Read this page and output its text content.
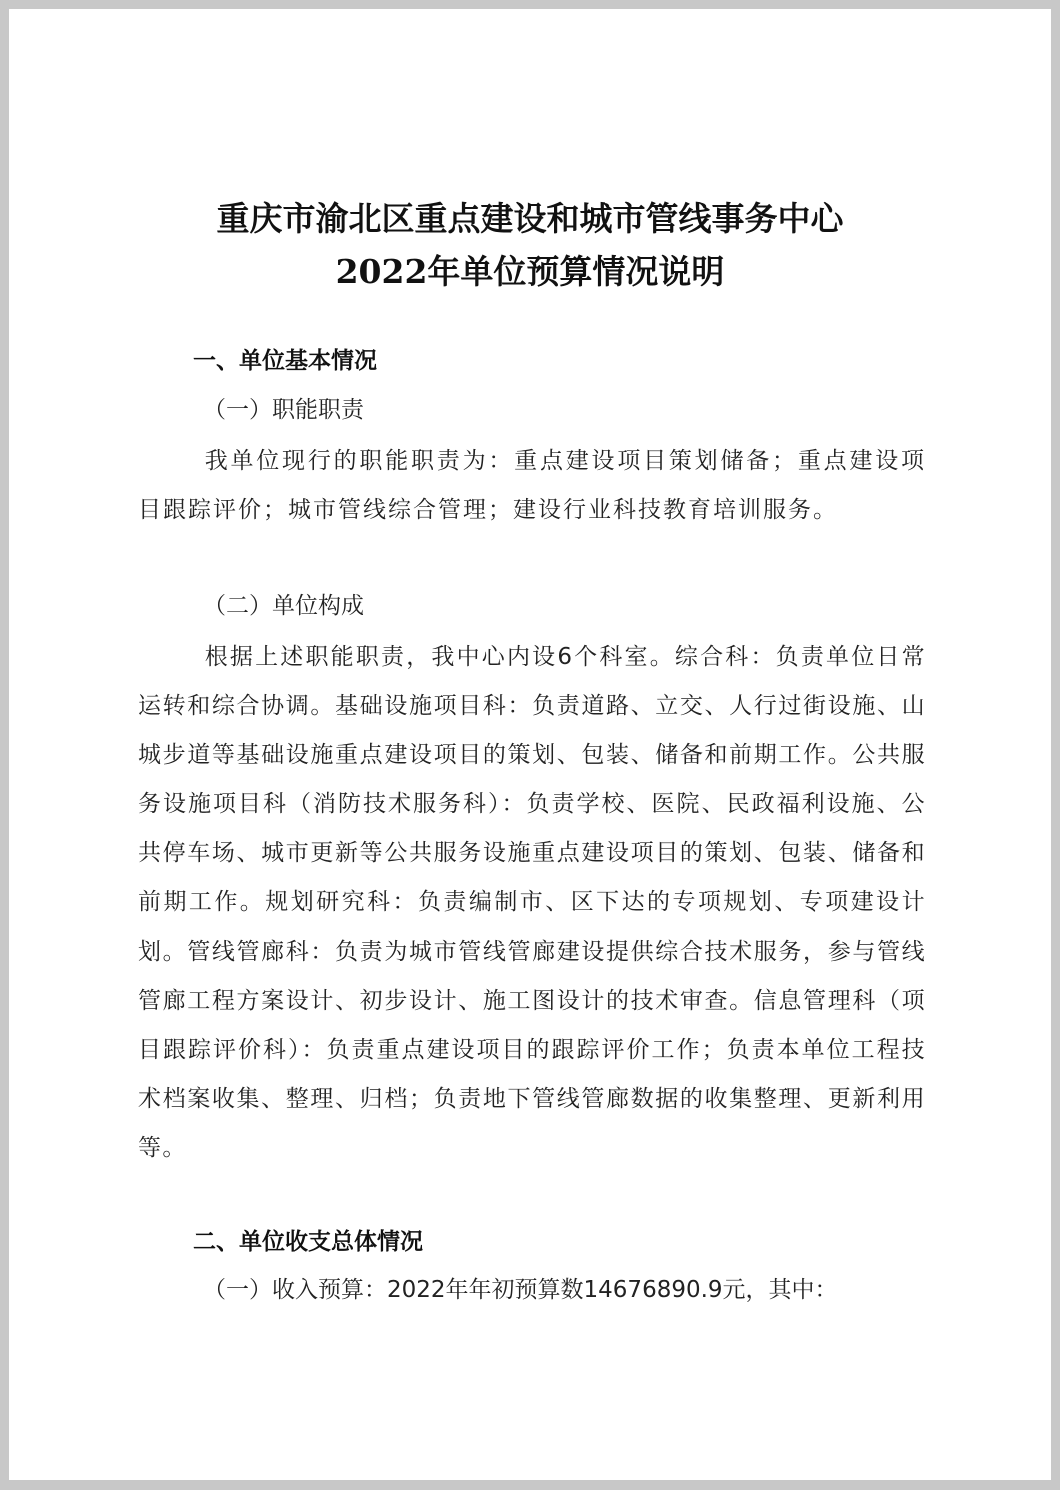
重庆市渝北区重点建设和城市管线事务中心
2022年单位预算情况说明
一、单位基本情况
（一）职能职责

我单位现行的职能职责为：重点建设项目策划储备；重点建设项目跟踪评价；城市管线综合管理；建设行业科技教育培训服务。

（二）单位构成

根据上述职能职责，我中心内设6个科室。综合科：负责单位日常运转和综合协调。基础设施项目科：负责道路、立交、人行过街设施、山城步道等基础设施重点建设项目的策划、包装、储备和前期工作。公共服务设施项目科（消防技术服务科）：负责学校、医院、民政福利设施、公共停车场、城市更新等公共服务设施重点建设项目的策划、包装、储备和前期工作。规划研究科：负责编制市、区下达的专项规划、专项建设计划。管线管廊科：负责为城市管线管廊建设提供综合技术服务，参与管线管廊工程方案设计、初步设计、施工图设计的技术审查。信息管理科（项目跟踪评价科）：负责重点建设项目的跟踪评价工作；负责本单位工程技术档案收集、整理、归档；负责地下管线管廊数据的收集整理、更新利用等。

二、单位收支总体情况
（一）收入预算：2022年年初预算数14676890.9元，其中：
